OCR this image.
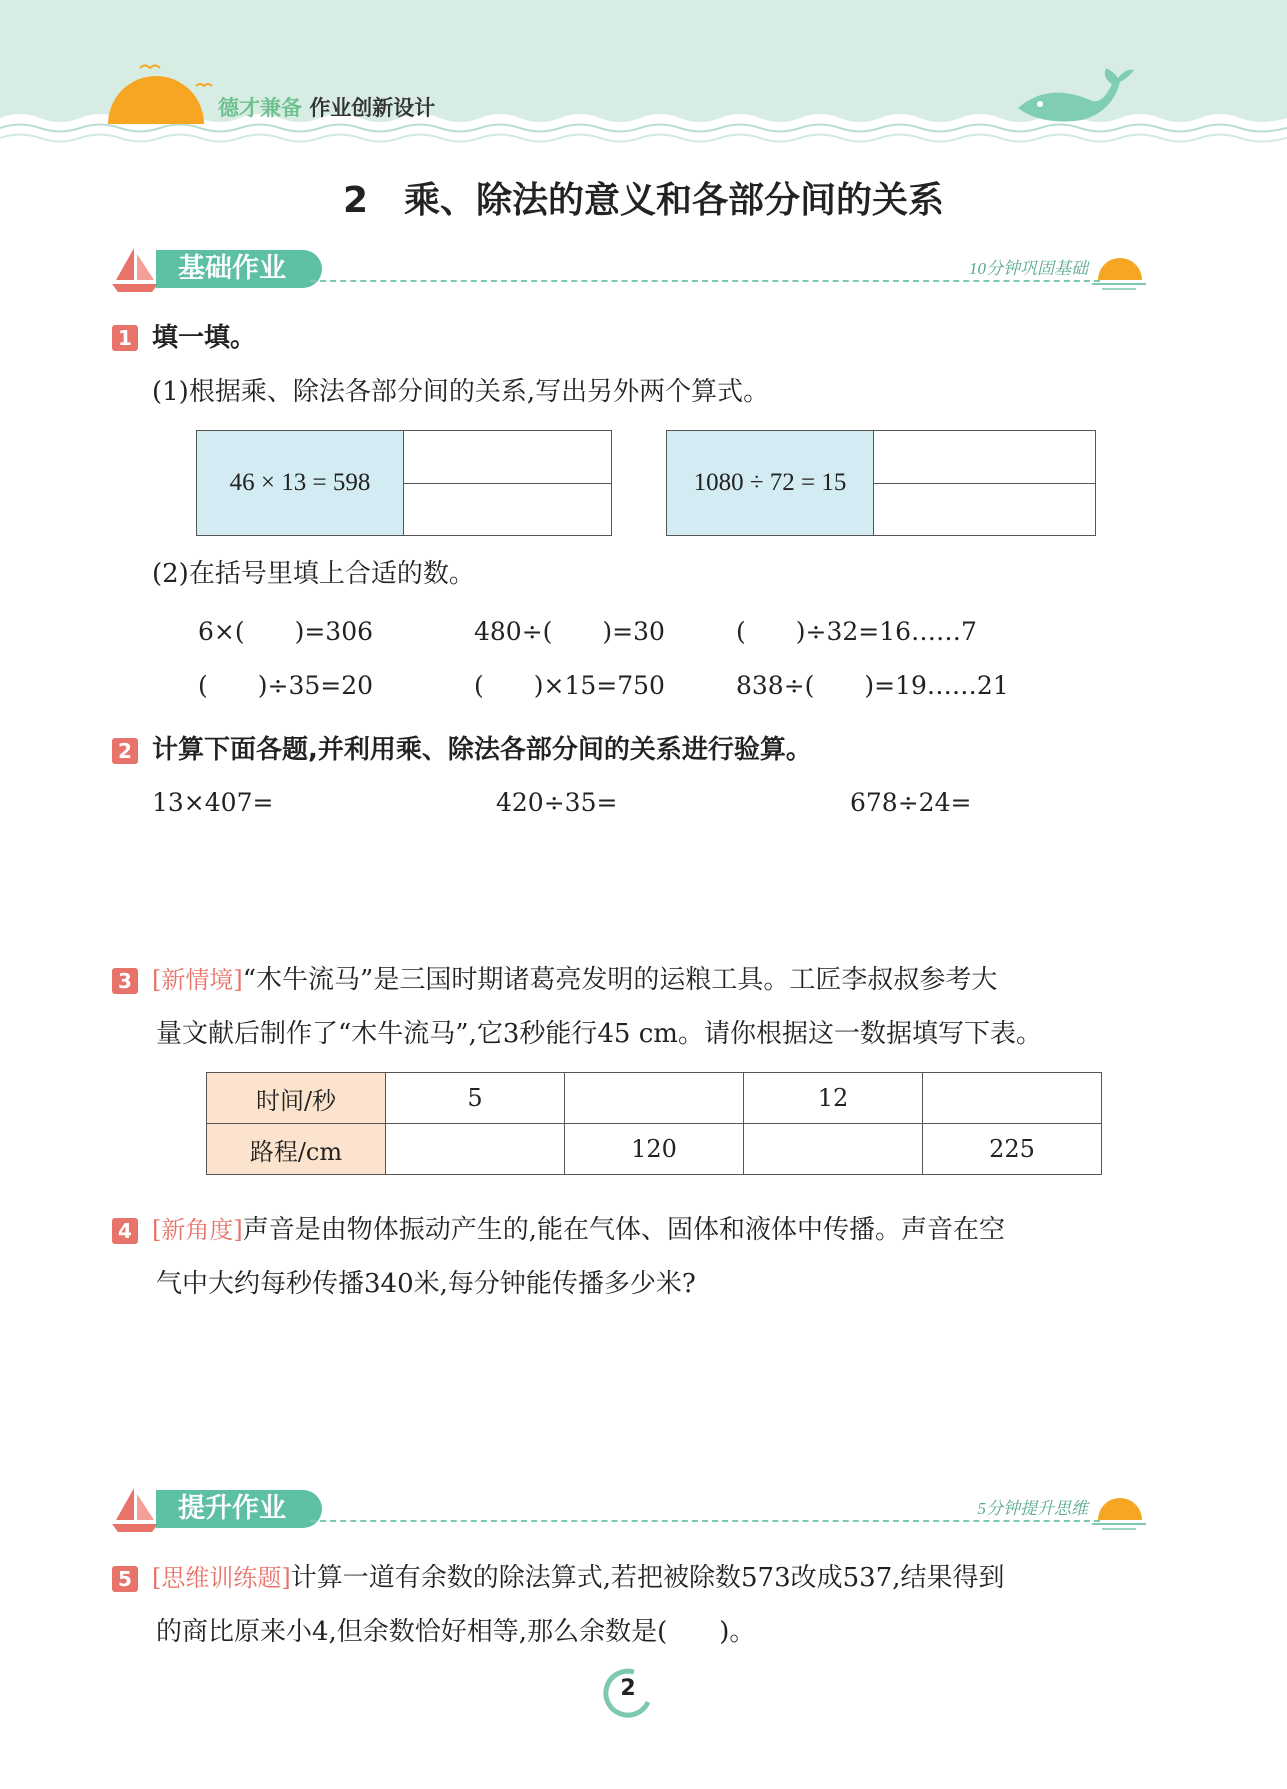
德才兼备 作业创新设计
2　乘、除法的意义和各部分间的关系
基础作业	10分钟巩固基础
1 填一填。
(1)根据乘、除法各部分间的关系,写出另外两个算式。
46 × 13 = 598	1080 ÷ 72 = 15
(2)在括号里填上合适的数。
6×(　　)=306	480÷(　　)=30	(　　)÷32=16……7
(　　)÷35=20	(　　)×15=750	838÷(　　)=19……21
2 计算下面各题,并利用乘、除法各部分间的关系进行验算。
13×407=	420÷35=	678÷24=
3 [新情境]“木牛流马”是三国时期诸葛亮发明的运粮工具。工匠李叔叔参考大
量文献后制作了“木牛流马”,它3秒能行45 cm。请你根据这一数据填写下表。
时间/秒	5		12	
路程/cm		120		225
4 [新角度]声音是由物体振动产生的,能在气体、固体和液体中传播。声音在空
气中大约每秒传播340米,每分钟能传播多少米?
提升作业	5分钟提升思维
5 [思维训练题]计算一道有余数的除法算式,若把被除数573改成537,结果得到
的商比原来小4,但余数恰好相等,那么余数是(　　)。
2
